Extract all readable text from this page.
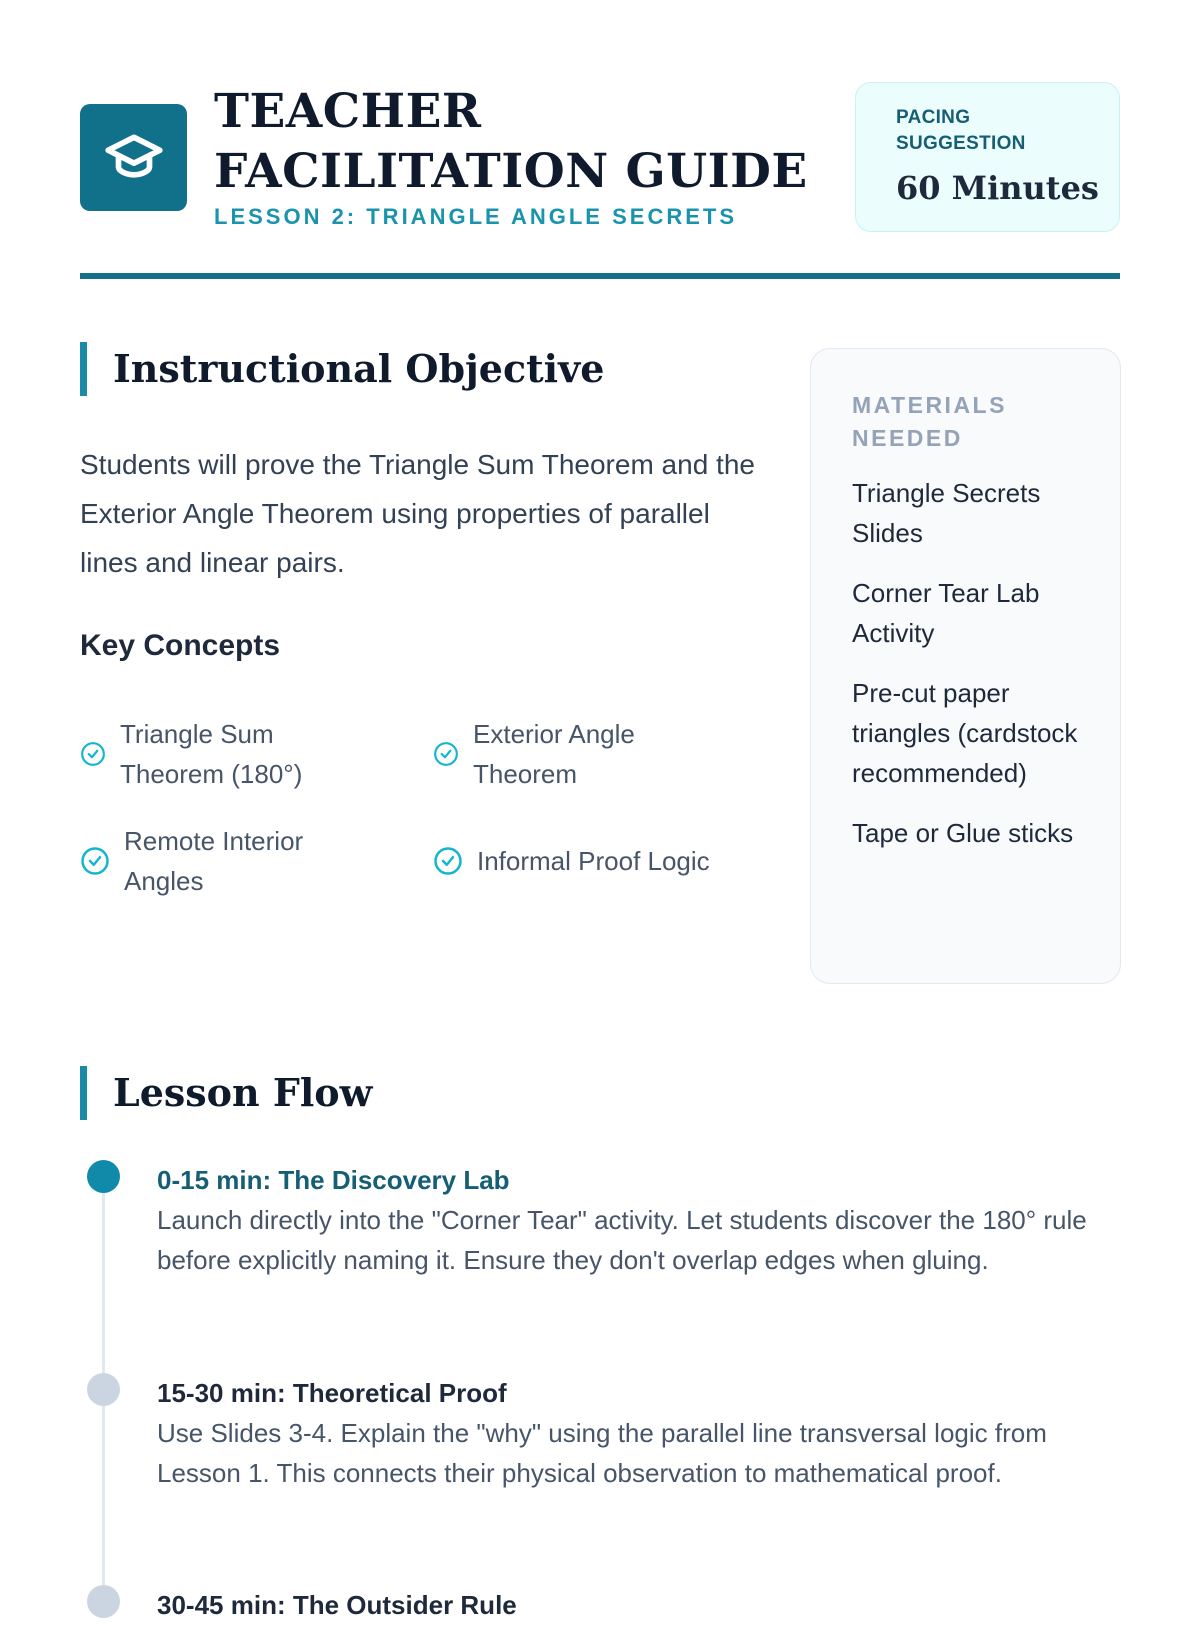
TEACHER FACILITATION GUIDE
LESSON 2: TRIANGLE ANGLE SECRETS
PACING SUGGESTION
60 Minutes
Instructional Objective
Students will prove the Triangle Sum Theorem and the Exterior Angle Theorem using properties of parallel lines and linear pairs.
Key Concepts
Triangle Sum Theorem (180°)
Exterior Angle Theorem
Remote Interior Angles
Informal Proof Logic
MATERIALS NEEDED
Triangle Secrets Slides
Corner Tear Lab Activity
Pre-cut paper triangles (cardstock recommended)
Tape or Glue sticks
Lesson Flow
0-15 min: The Discovery Lab
Launch directly into the "Corner Tear" activity. Let students discover the 180° rule before explicitly naming it. Ensure they don't overlap edges when gluing.
15-30 min: Theoretical Proof
Use Slides 3-4. Explain the "why" using the parallel line transversal logic from Lesson 1. This connects their physical observation to mathematical proof.
30-45 min: The Outsider Rule
